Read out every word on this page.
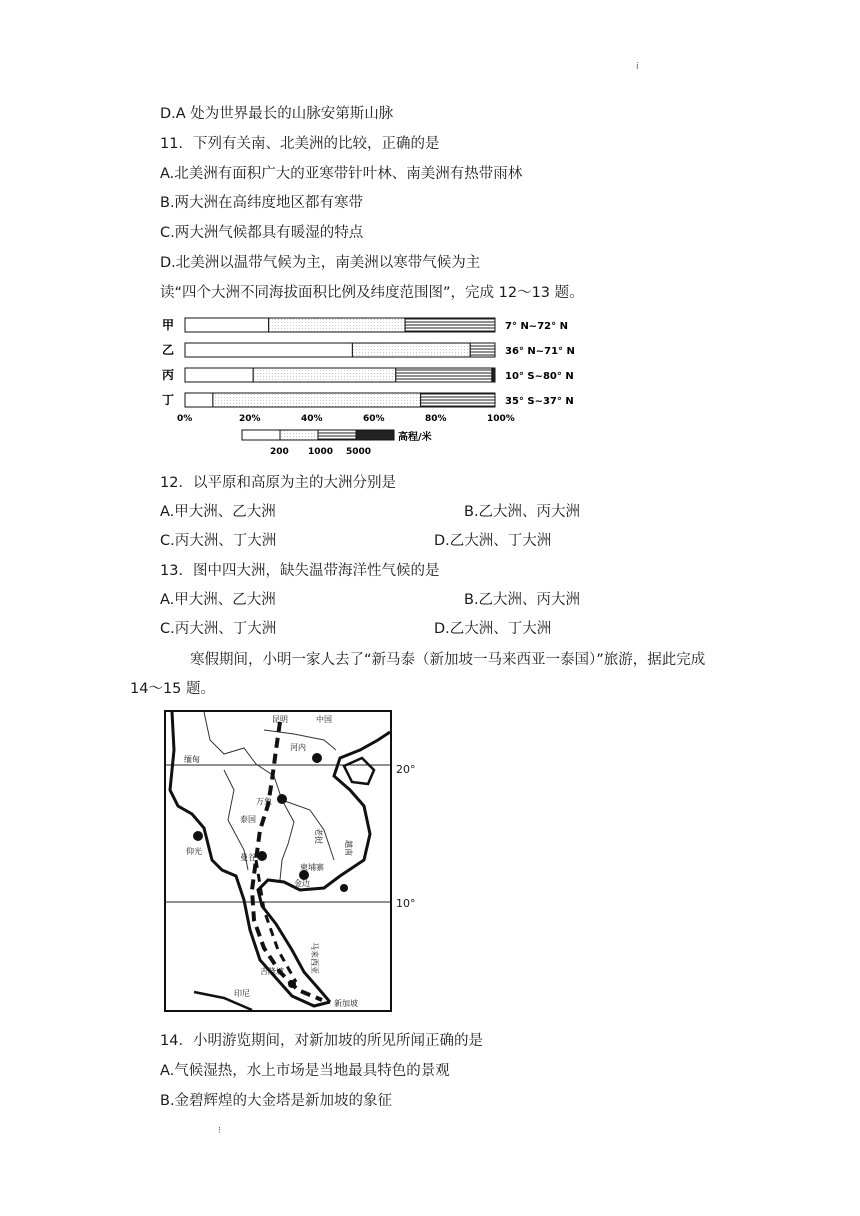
i
D.A 处为世界最长的山脉安第斯山脉
11．下列有关南、北美洲的比较，正确的是
A.北美洲有面积广大的亚寒带针叶林、南美洲有热带雨林
B.两大洲在高纬度地区都有寒带
C.两大洲气候都具有暖湿的特点
D.北美洲以温带气候为主，南美洲以寒带气候为主
读“四个大洲不同海拔面积比例及纬度范围图”，完成 12～13 题。
甲	7° N~72° N
乙	36° N~71° N
丙	10° S~80° N
丁	35° S~37° N
0%	20%	40%	60%	80%	100%
200 1000 5000
高程/米
12．以平原和高原为主的大洲分别是
A.甲大洲、乙大洲	B.乙大洲、丙大洲
C.丙大洲、丁大洲	D.乙大洲、丁大洲
13．图中四大洲，缺失温带海洋性气候的是
A.甲大洲、乙大洲	B.乙大洲、丙大洲
C.丙大洲、丁大洲	D.乙大洲、丁大洲
寒假期间，小明一家人去了“新马泰（新加坡一马来西亚一泰国）”旅游，据此完成
14～15 题。
昆明	中国
河内
缅甸
万象
泰国
老挝
仰光
曼谷
柬埔寨
越南
金边
吉隆坡	马来西亚
新加坡
印尼
20°
10°
14．小明游览期间，对新加坡的所见所闻正确的是
A.气候湿热，水上市场是当地最具特色的景观
B.金碧辉煌的大金塔是新加坡的象征
⁝
